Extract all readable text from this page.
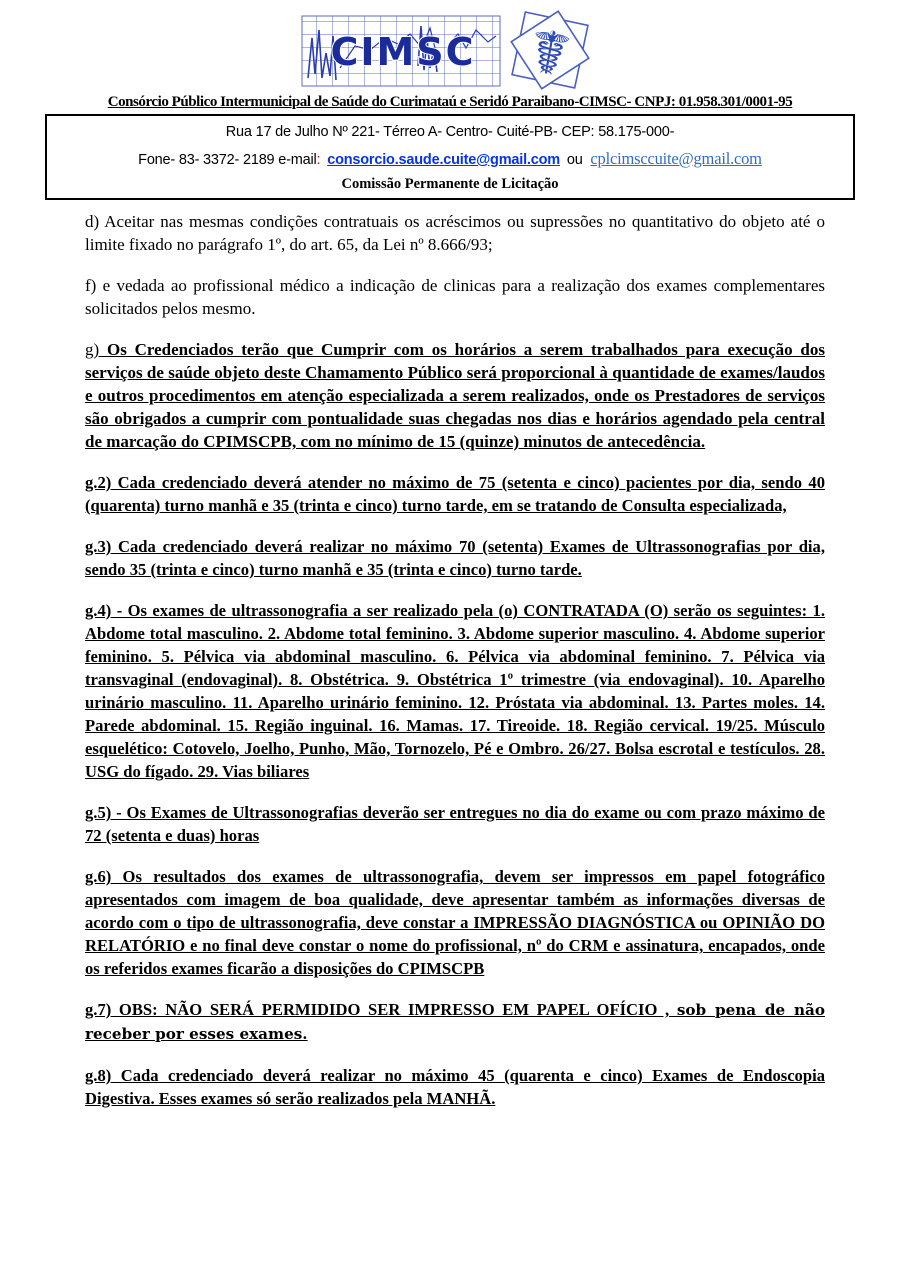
☤
CIMSC
Consórcio Público Intermunicipal de Saúde do Curimataú e Seridó Paraibano-CIMSC- CNPJ: 01.958.301/0001-95
Rua 17 de Julho Nº 221- Térreo A- Centro- Cuité-PB- CEP: 58.175-000-
Fone- 83- 3372- 2189 e-mail: consorcio.saude.cuite@gmail.com ou cplcimsccuite@gmail.com
Comissão Permanente de Licitação

d) Aceitar nas mesmas condições contratuais os acréscimos ou supressões no quantitativo do objeto até o limite fixado no parágrafo 1º, do art. 65, da Lei nº 8.666/93;

f) e vedada ao profissional médico a indicação de clinicas para a realização dos exames complementares solicitados pelos mesmo.

g) Os Credenciados terão que Cumprir com os horários a serem trabalhados para execução dos serviços de saúde objeto deste Chamamento Público será proporcional à quantidade de exames/laudos e outros procedimentos em atenção especializada a serem realizados, onde os Prestadores de serviços são obrigados a cumprir com pontualidade suas chegadas nos dias e horários agendado pela central de marcação do CPIMSCPB, com no mínimo de 15 (quinze) minutos de antecedência.

g.2) Cada credenciado deverá atender no máximo de 75 (setenta e cinco) pacientes por dia, sendo 40 (quarenta) turno manhã e 35 (trinta e cinco) turno tarde, em se tratando de Consulta especializada,

g.3) Cada credenciado deverá realizar no máximo 70 (setenta) Exames de Ultrassonografias por dia, sendo 35 (trinta e cinco) turno manhã e 35 (trinta e cinco) turno tarde.

g.4) - Os exames de ultrassonografia a ser realizado pela (o) CONTRATADA (O) serão os seguintes: 1. Abdome total masculino. 2. Abdome total feminino. 3. Abdome superior masculino. 4. Abdome superior feminino. 5. Pélvica via abdominal masculino. 6. Pélvica via abdominal feminino. 7. Pélvica via transvaginal (endovaginal). 8. Obstétrica. 9. Obstétrica 1º trimestre (via endovaginal). 10. Aparelho urinário masculino. 11. Aparelho urinário feminino. 12. Próstata via abdominal. 13. Partes moles. 14. Parede abdominal. 15. Região inguinal. 16. Mamas. 17. Tireoide. 18. Região cervical. 19/25. Músculo esquelético: Cotovelo, Joelho, Punho, Mão, Tornozelo, Pé e Ombro. 26/27. Bolsa escrotal e testículos. 28. USG do fígado. 29. Vias biliares

g.5) - Os Exames de Ultrassonografias deverão ser entregues no dia do exame ou com prazo máximo de 72 (setenta e duas) horas

g.6) Os resultados dos exames de ultrassonografia, devem ser impressos em papel fotográfico apresentados com imagem de boa qualidade, deve apresentar também as informações diversas de acordo com o tipo de ultrassonografia, deve constar a IMPRESSÃO DIAGNÓSTICA ou OPINIÃO DO RELATÓRIO e no final deve constar o nome do profissional, nº do CRM e assinatura, encapados, onde os referidos exames ficarão a disposições do CPIMSCPB

g.7) OBS: NÃO SERÁ PERMIDIDO SER IMPRESSO EM PAPEL OFÍCIO , sob pena de não receber por esses exames.

g.8) Cada credenciado deverá realizar no máximo 45 (quarenta e cinco) Exames de Endoscopia Digestiva. Esses exames só serão realizados pela MANHÃ.
